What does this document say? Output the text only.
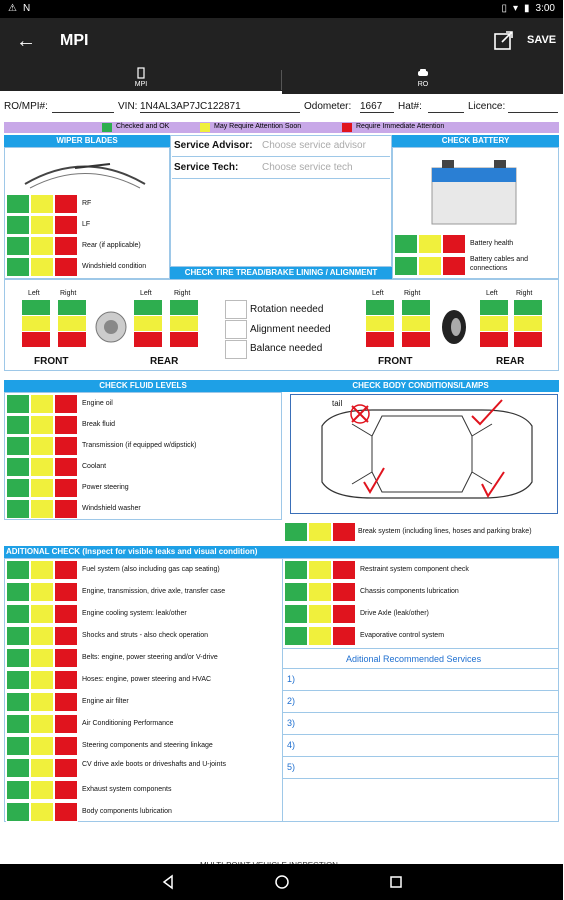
⚠ N	▯ ▾ ▮ 3:00
← MPI	SAVE
MPI	RO
RO/MPI#:	VIN: 1N4AL3AP7JC122871	Odometer: 1667	Hat#:	Licence:
Checked and OK	May Require Attention Soon	Require Immediate Attention
WIPER BLADES
RF
LF
Rear (if applicable)
Windshield condition
Service Advisor: Choose service advisor
Service Tech: Choose service tech
CHECK BATTERY
Battery health
Battery cables and connections
CHECK TIRE TREAD/BRAKE LINING / ALIGNMENT
Left	Right
FRONT
Left	Right
REAR
Rotation needed
Alignment needed
Balance needed
Left	Right
FRONT
Left	Right
REAR
CHECK FLUID LEVELS
Engine oil
Break fluid
Transmission (if equipped w/dipstick)
Coolant
Power steering
Windshield washer
CHECK BODY CONDITIONS/LAMPS
tail
Break system (including lines, hoses and parking brake)
ADITIONAL CHECK (Inspect for visible leaks and visual condition)
Fuel system (also including gas cap seating)
Engine, transmission, drive axle, transfer case
Engine cooling system: leak/other
Shocks and struts - also check operation
Belts: engine, power steering and/or V-drive
Hoses: engine, power steering and HVAC
Engine air filter
Air Conditioning Performance
Steering components and steering linkage
CV drive axle boots or driveshafts and U-joints
Exhaust system components
Body components lubrication
Restraint system component check
Chassis components lubrication
Drive Axle (leak/other)
Evaporative control system
Aditional Recommended Services
1)
2)
3)
4)
5)
